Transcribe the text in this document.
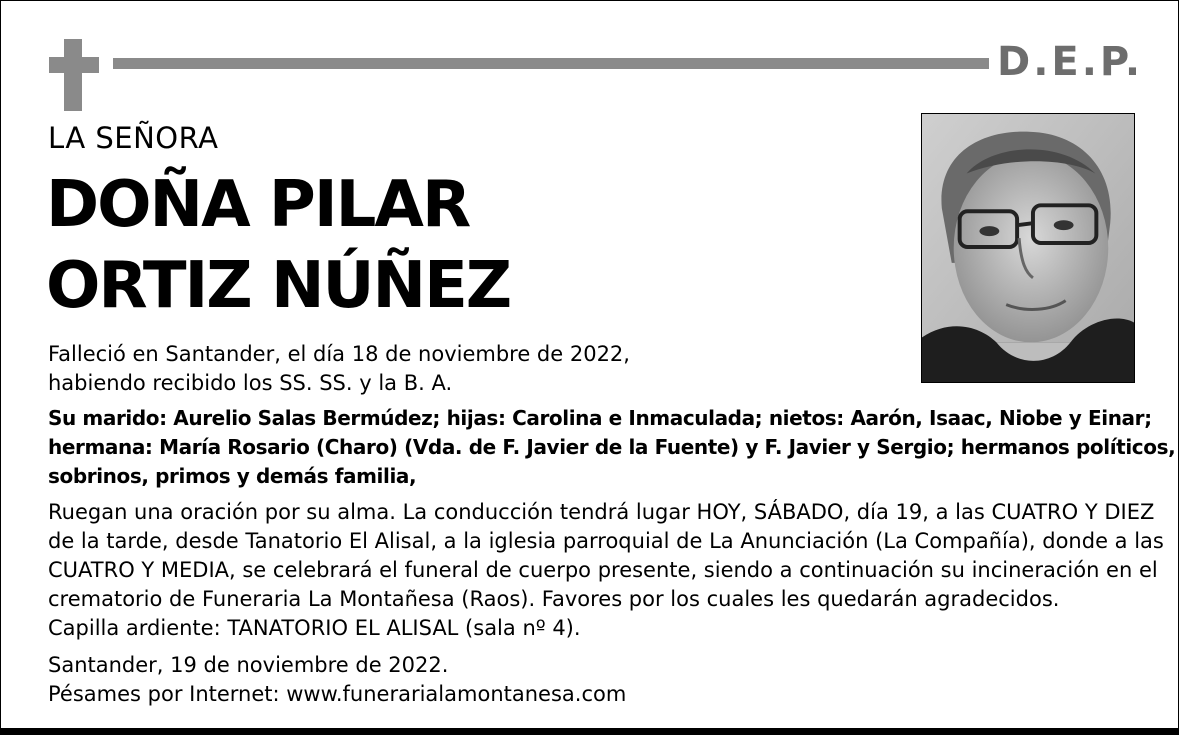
D.E.P.
LA SEÑORA
DOÑA PILAR
ORTIZ NÚÑEZ
Falleció en Santander, el día 18 de noviembre de 2022,
habiendo recibido los SS. SS. y la B. A.
Su marido: Aurelio Salas Bermúdez; hijas: Carolina e Inmaculada; nietos: Aarón, Isaac, Niobe y Einar;
hermana: María Rosario (Charo) (Vda. de F. Javier de la Fuente) y F. Javier y Sergio; hermanos políticos,
sobrinos, primos y demás familia,
Ruegan una oración por su alma. La conducción tendrá lugar HOY, SÁBADO, día 19, a las CUATRO Y DIEZ
de la tarde, desde Tanatorio El Alisal, a la iglesia parroquial de La Anunciación (La Compañía), donde a las
CUATRO Y MEDIA, se celebrará el funeral de cuerpo presente, siendo a continuación su incineración en el
crematorio de Funeraria La Montañesa (Raos). Favores por los cuales les quedarán agradecidos.
Capilla ardiente: TANATORIO EL ALISAL (sala nº 4).
Santander, 19 de noviembre de 2022.
Pésames por Internet: www.funerarialamontanesa.com
